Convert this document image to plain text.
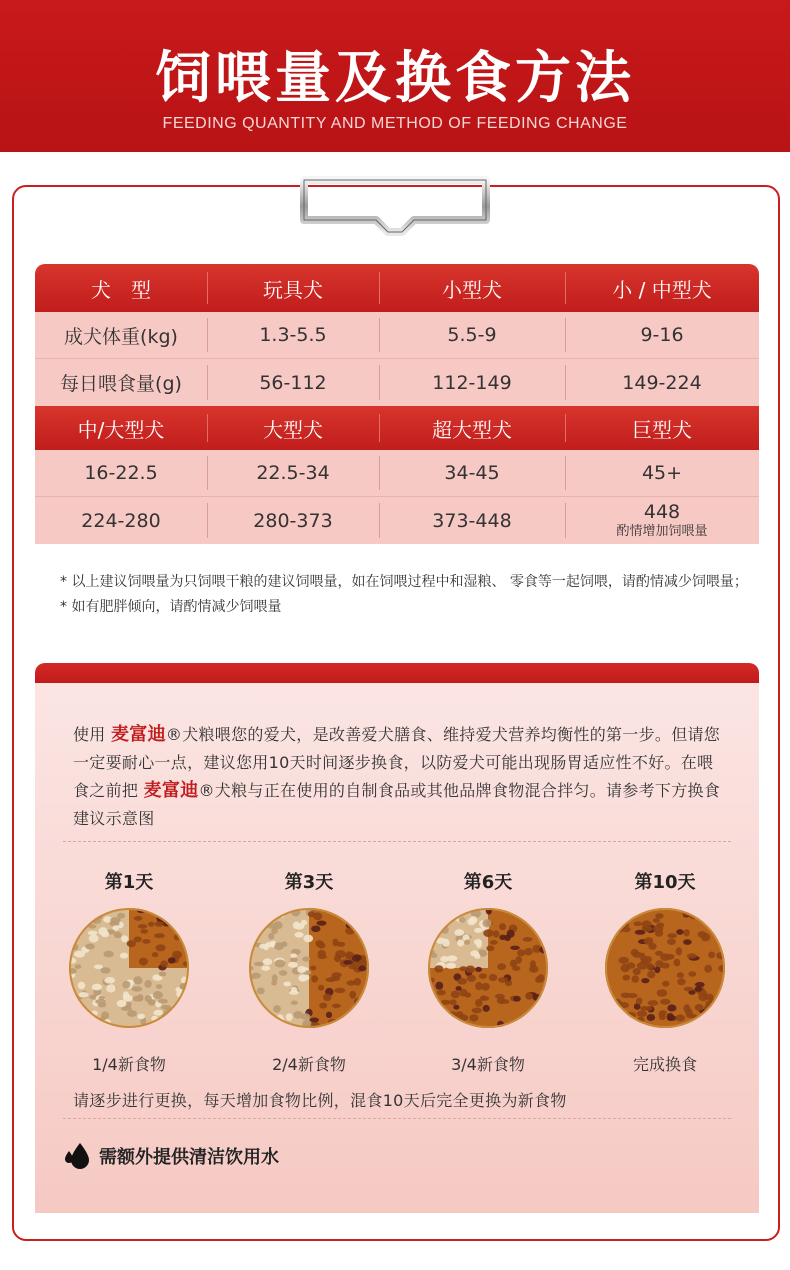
饲喂量及换食方法
FEEDING QUANTITY AND METHOD OF FEEDING CHANGE
犬　型	玩具犬	小型犬	小 / 中型犬
成犬体重(kg)	1.3-5.5	5.5-9	9-16
每日喂食量(g)	56-112	112-149	149-224
中/大型犬	大型犬	超大型犬	巨型犬
16-22.5	22.5-34	34-45	45+
224-280	280-373	373-448	448
酌情增加饲喂量

* 以上建议饲喂量为只饲喂干粮的建议饲喂量，如在饲喂过程中和湿粮、 零食等一起饲喂，请酌情减少饲喂量；

* 如有肥胖倾向，请酌情减少饲喂量

使用 麦富迪®犬粮喂您的爱犬，是改善爱犬膳食、维持爱犬营养均衡性的第一步。但请您一定要耐心一点，建议您用10天时间逐步换食，以防爱犬可能出现肠胃适应性不好。在喂食之前把 麦富迪®犬粮与正在使用的自制食品或其他品牌食物混合拌匀。请参考下方换食建议示意图
第1天
1/4新食物
第3天
2/4新食物
第6天
3/4新食物
第10天
完成换食
请逐步进行更换，每天增加食物比例，混食10天后完全更换为新食物
需额外提供清洁饮用水
